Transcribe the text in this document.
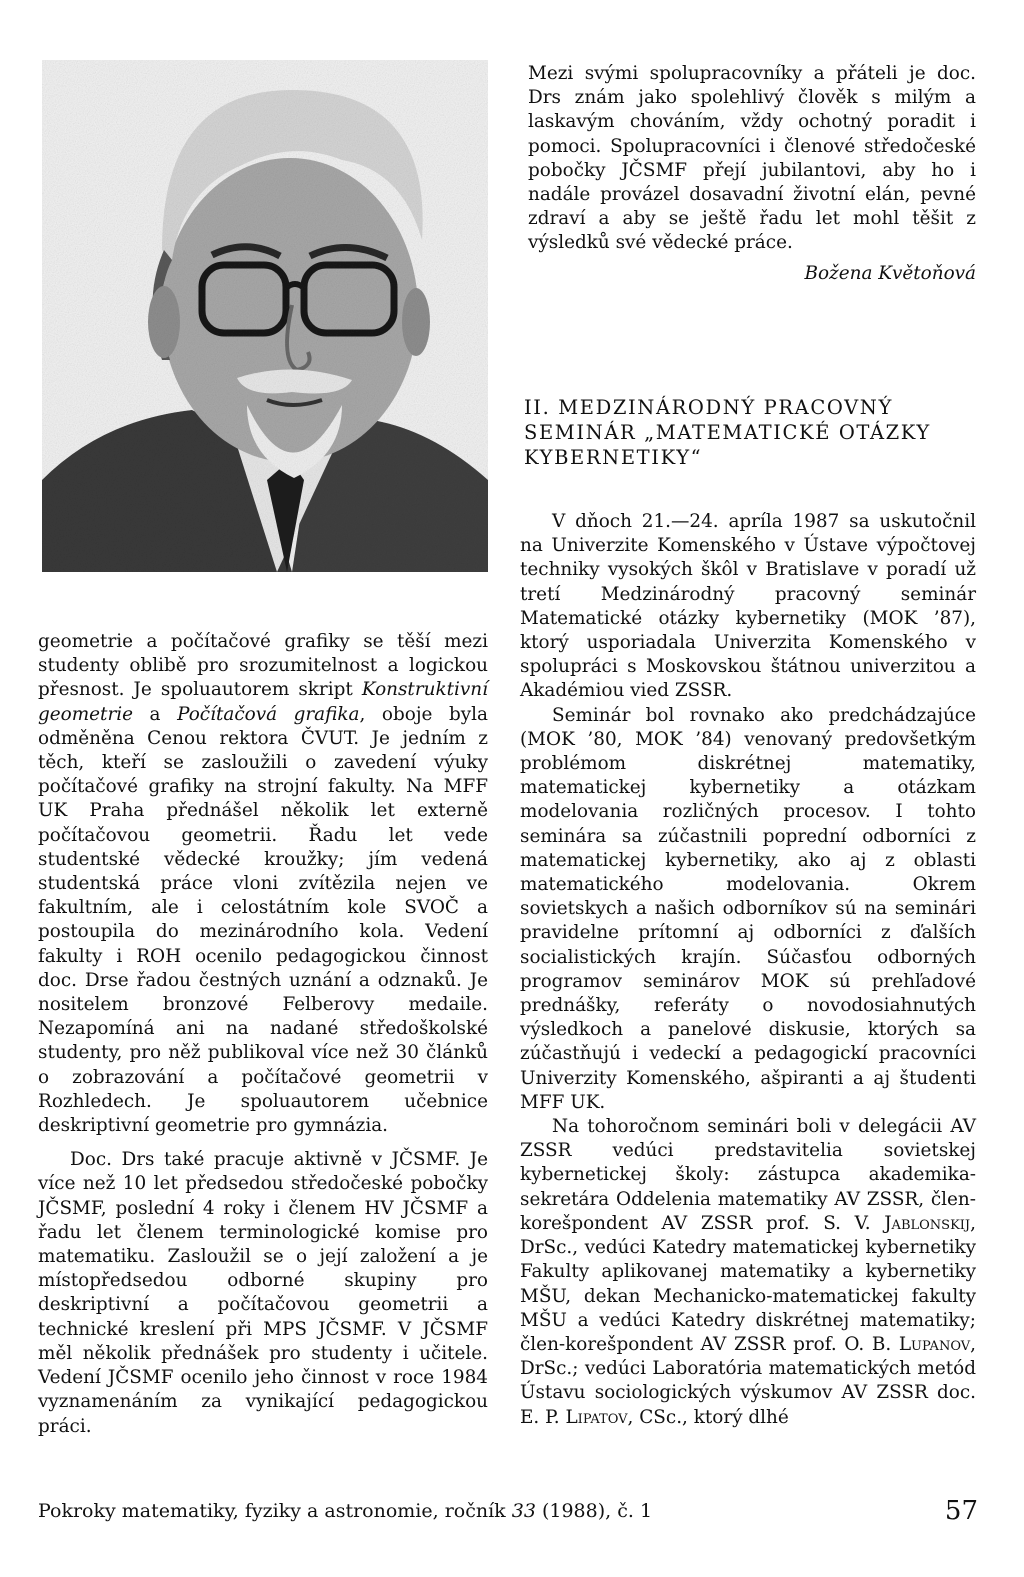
Mezi svými spolupracovníky a přáteli je doc. Drs znám jako spolehlivý člověk s milým a laskavým chováním, vždy ochotný poradit i pomoci. Spolupracovníci i členové středočeské pobočky JČSMF přejí jubilantovi, aby ho i nadále provázel dosavadní životní elán, pevné zdraví a aby se ještě řadu let mohl těšit z výsledků své vědecké práce.

Božena Květoňová

II. MEDZINÁRODNÝ PRACOVNÝ
SEMINÁR „MATEMATICKÉ OTÁZKY
KYBERNETIKY“

geometrie a počítačové grafiky se těší mezi studenty oblibě pro srozumitelnost a logickou přesnost. Je spoluautorem skript Konstruktivní geometrie a Počítačová grafika, oboje byla odměněna Cenou rektora ČVUT. Je jedním z těch, kteří se zasloužili o zavedení výuky počítačové grafiky na strojní fakulty. Na MFF UK Praha přednášel několik let externě počítačovou geometrii. Řadu let vede studentské vědecké kroužky; jím vedená studentská práce vloni zvítězila nejen ve fakultním, ale i celostátním kole SVOČ a postoupila do mezinárodního kola. Vedení fakulty i ROH ocenilo pedagogickou činnost doc. Drse řadou čestných uznání a odznaků. Je nositelem bronzové Felberovy medaile. Nezapomíná ani na nadané středoškolské studenty, pro něž publikoval více než 30 článků o zobrazování a počítačové geometrii v Rozhledech. Je spoluautorem učebnice deskriptivní geometrie pro gymnázia.

Doc. Drs také pracuje aktivně v JČSMF. Je více než 10 let předsedou středočeské pobočky JČSMF, poslední 4 roky i členem HV JČSMF a řadu let členem terminologické komise pro matematiku. Zasloužil se o její založení a je místopředsedou odborné skupiny pro deskriptivní a počítačovou geometrii a technické kreslení při MPS JČSMF. V JČSMF měl několik přednášek pro studenty i učitele. Vedení JČSMF ocenilo jeho činnost v roce 1984 vyznamenáním za vynikající pedagogickou práci.

V dňoch 21.—24. apríla 1987 sa uskutočnil na Univerzite Komenského v Ústave výpočtovej techniky vysokých škôl v Bratislave v poradí už tretí Medzinárodný pracovný seminár Matematické otázky kybernetiky (MOK ’87), ktorý usporiadala Univerzita Komenského v spolupráci s Moskovskou štátnou univerzitou a Akadémiou vied ZSSR.

Seminár bol rovnako ako predchádzajúce (MOK ’80, MOK ’84) venovaný predovšetkým problémom diskrétnej matematiky, matematickej kybernetiky a otázkam modelovania rozličných procesov. I tohto seminára sa zúčastnili poprední odborníci z matematickej kybernetiky, ako aj z oblasti matematického modelovania. Okrem sovietskych a našich odborníkov sú na seminári pravidelne prítomní aj odborníci z ďalších socialistických krajín. Súčasťou odborných programov seminárov MOK sú prehľadové prednášky, referáty o novodosiahnutých výsledkoch a panelové diskusie, ktorých sa zúčastňujú i vedeckí a pedagogickí pracovníci Univerzity Komenského, ašpiranti a aj študenti MFF UK.

Na tohoročnom seminári boli v delegácii AV ZSSR vedúci predstavitelia sovietskej kybernetickej školy: zástupca akademika-sekretára Oddelenia matematiky AV ZSSR, člen-korešpondent AV ZSSR prof. S. V. Jablonskij, DrSc., vedúci Katedry matematickej kybernetiky Fakulty aplikovanej matematiky a kybernetiky MŠU, dekan Mechanicko-matematickej fakulty MŠU a vedúci Katedry diskrétnej matematiky; člen-korešpondent AV ZSSR prof. O. B. Lupanov, DrSc.; vedúci Laboratória matematických metód Ústavu sociologických výskumov AV ZSSR doc. E. P. Lipatov, CSc., ktorý dlhé

Pokroky matematiky, fyziky a astronomie, ročník 33 (1988), č. 1	57
